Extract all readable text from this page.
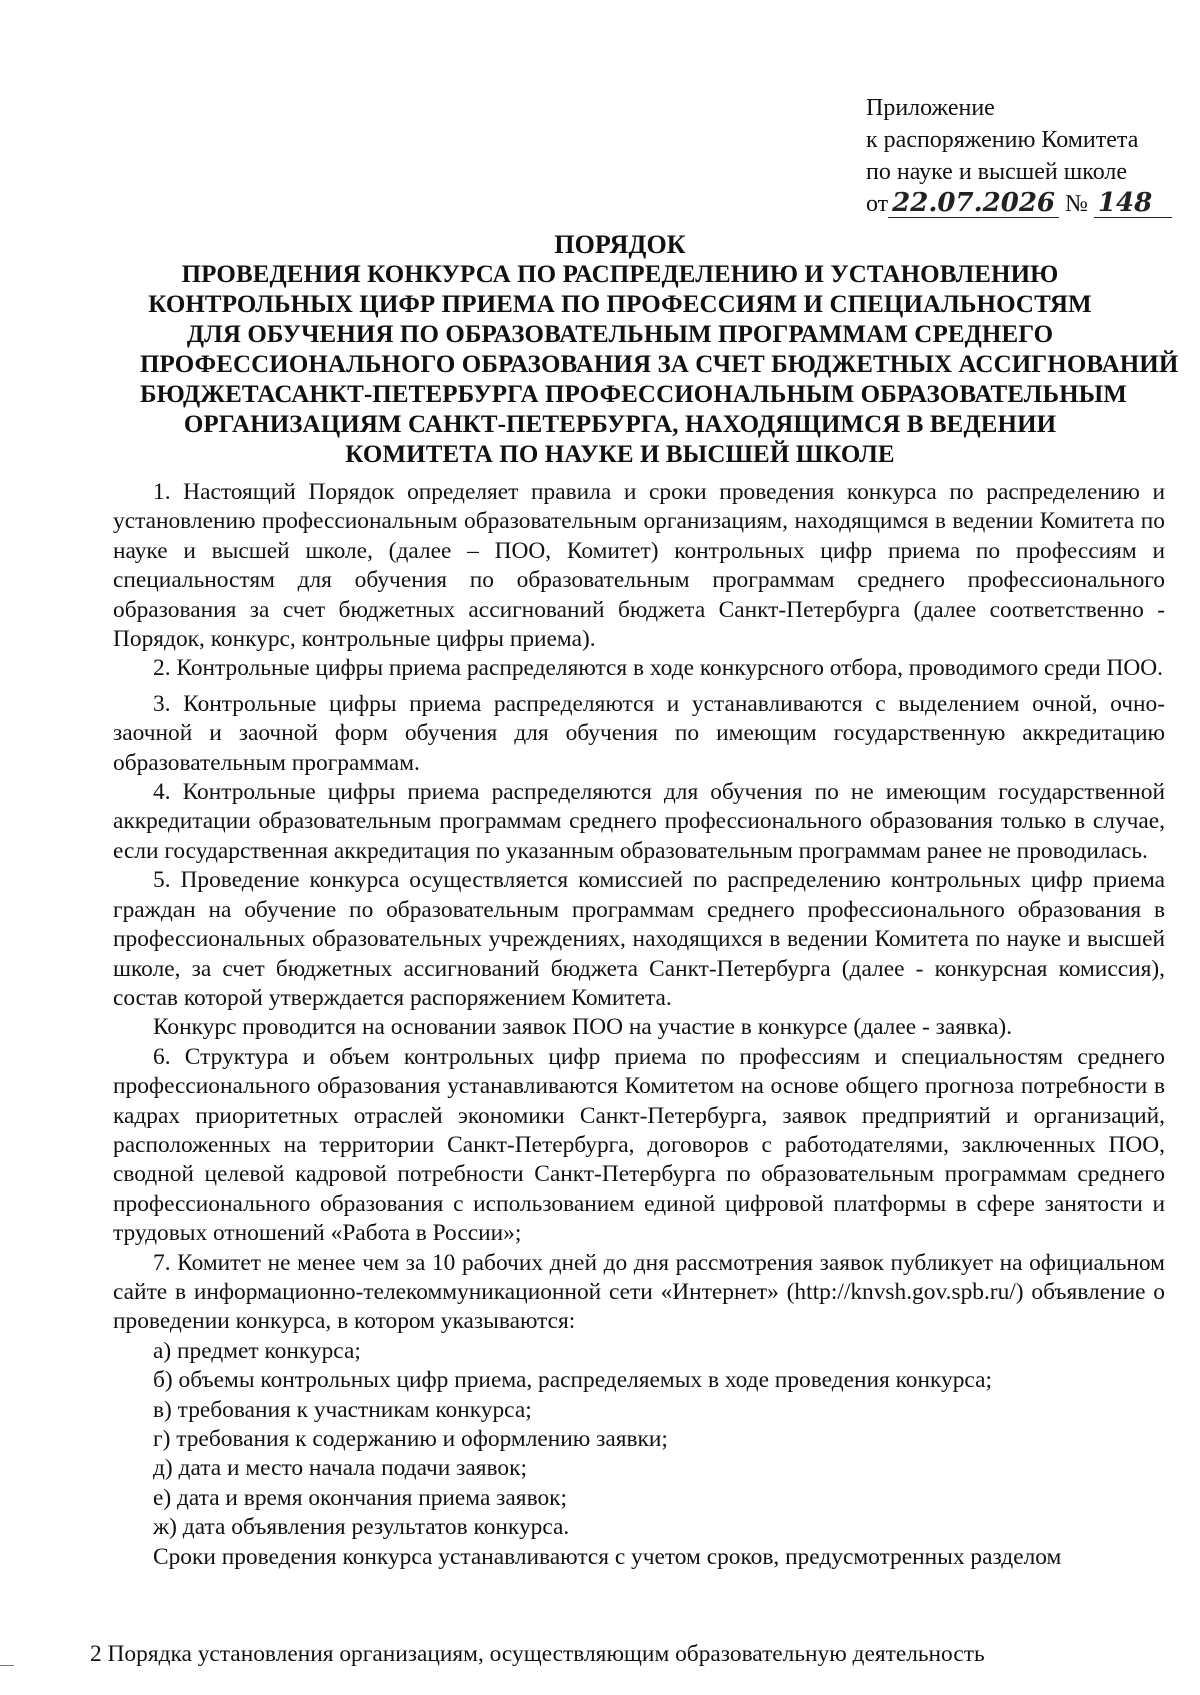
Приложение
к распоряжению Комитета
по науке и высшей школе
от 22.07.2026 № 148
ПОРЯДОК
ПРОВЕДЕНИЯ КОНКУРСА ПО РАСПРЕДЕЛЕНИЮ И УСТАНОВЛЕНИЮ
КОНТРОЛЬНЫХ ЦИФР ПРИЕМА ПО ПРОФЕССИЯМ И СПЕЦИАЛЬНОСТЯМ
ДЛЯ ОБУЧЕНИЯ ПО ОБРАЗОВАТЕЛЬНЫМ ПРОГРАММАМ СРЕДНЕГО
ПРОФЕССИОНАЛЬНОГО ОБРАЗОВАНИЯ ЗА СЧЕТ БЮДЖЕТНЫХ АССИГНОВАНИЙ
БЮДЖЕТАСАНКТ-ПЕТЕРБУРГА ПРОФЕССИОНАЛЬНЫМ ОБРАЗОВАТЕЛЬНЫМ
ОРГАНИЗАЦИЯМ САНКТ-ПЕТЕРБУРГА, НАХОДЯЩИМСЯ В ВЕДЕНИИ
КОМИТЕТА ПО НАУКЕ И ВЫСШЕЙ ШКОЛЕ

1. Настоящий Порядок определяет правила и сроки проведения конкурса по распределению и установлению профессиональным образовательным организациям, находящимся в ведении Комитета по науке и высшей школе, (далее – ПОО, Комитет) контрольных цифр приема по профессиям и специальностям для обучения по образовательным программам среднего профессионального образования за счет бюджетных ассигнований бюджета Санкт-Петербурга (далее соответственно - Порядок, конкурс, контрольные цифры приема).

2. Контрольные цифры приема распределяются в ходе конкурсного отбора, проводимого среди ПОО.

3. Контрольные цифры приема распределяются и устанавливаются с выделением очной, очно-заочной и заочной форм обучения для обучения по имеющим государственную аккредитацию образовательным программам.

4. Контрольные цифры приема распределяются для обучения по не имеющим государственной аккредитации образовательным программам среднего профессионального образования только в случае, если государственная аккредитация по указанным образовательным программам ранее не проводилась.

5. Проведение конкурса осуществляется комиссией по распределению контрольных цифр приема граждан на обучение по образовательным программам среднего профессионального образования в профессиональных образовательных учреждениях, находящихся в ведении Комитета по науке и высшей школе, за счет бюджетных ассигнований бюджета Санкт-Петербурга (далее - конкурсная комиссия), состав которой утверждается распоряжением Комитета.

Конкурс проводится на основании заявок ПОО на участие в конкурсе (далее - заявка).

6. Структура и объем контрольных цифр приема по профессиям и специальностям среднего профессионального образования устанавливаются Комитетом на основе общего прогноза потребности в кадрах приоритетных отраслей экономики Санкт-Петербурга, заявок предприятий и организаций, расположенных на территории Санкт-Петербурга, договоров с работодателями, заключенных ПОО, сводной целевой кадровой потребности Санкт-Петербурга по образовательным программам среднего профессионального образования с использованием единой цифровой платформы в сфере занятости и трудовых отношений «Работа в России»;

7. Комитет не менее чем за 10 рабочих дней до дня рассмотрения заявок публикует на официальном сайте в информационно-телекоммуникационной сети «Интернет» (http://knvsh.gov.spb.ru/) объявление о проведении конкурса, в котором указываются:

а) предмет конкурса;

б) объемы контрольных цифр приема, распределяемых в ходе проведения конкурса;

в) требования к участникам конкурса;

г) требования к содержанию и оформлению заявки;

д) дата и место начала подачи заявок;

е) дата и время окончания приема заявок;

ж) дата объявления результатов конкурса.

Сроки проведения конкурса устанавливаются с учетом сроков, предусмотренных разделом

2 Порядка установления организациям, осуществляющим образовательную деятельность
